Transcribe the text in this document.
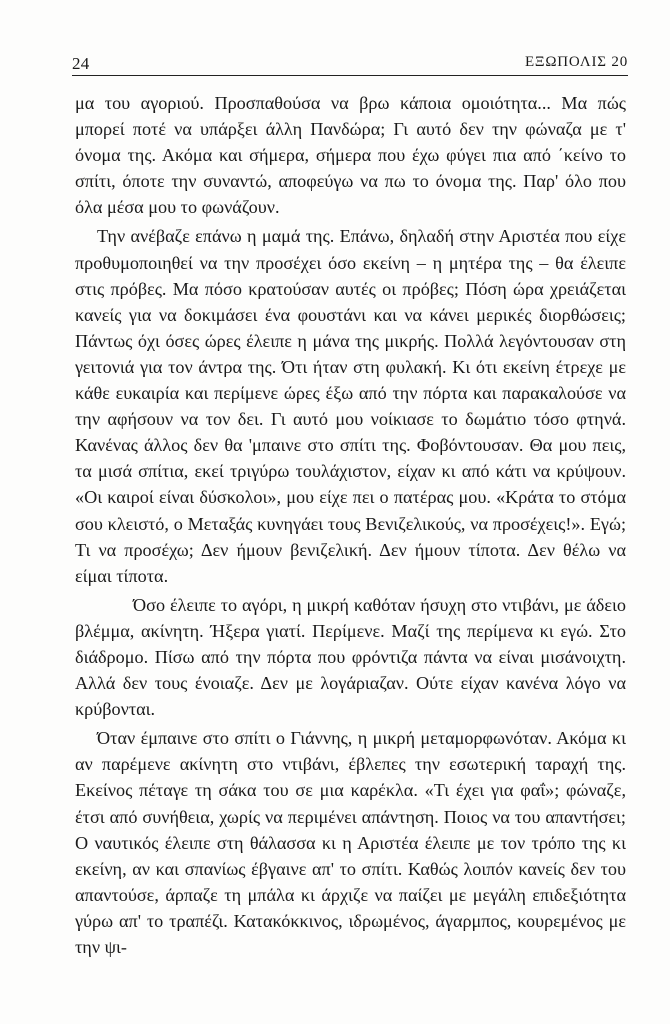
24	ΕΞΩΠΟΛΙΣ 20

μα του αγοριού. Προσπαθούσα να βρω κάποια ομοιότητα... Μα πώς μπορεί ποτέ να υπάρξει άλλη Πανδώρα; Γι αυτό δεν την φώναζα με τ' όνομα της. Ακόμα και σήμερα, σήμερα που έχω φύγει πια από ΄κείνο το σπίτι, όποτε την συναντώ, αποφεύγω να πω το όνομα της. Παρ' όλο που όλα μέσα μου το φωνάζουν.

Την ανέβαζε επάνω η μαμά της. Επάνω, δηλαδή στην Αριστέα που είχε προθυμοποιηθεί να την προσέχει όσο εκείνη – η μητέρα της – θα έλειπε στις πρόβες. Μα πόσο κρατούσαν αυτές οι πρόβες; Πόση ώρα χρειάζεται κανείς για να δοκιμάσει ένα φουστάνι και να κάνει μερικές διορθώσεις; Πάντως όχι όσες ώρες έλειπε η μάνα της μικρής. Πολλά λεγόντουσαν στη γειτονιά για τον άντρα της. Ότι ήταν στη φυλακή. Κι ότι εκείνη έτρεχε με κάθε ευκαιρία και περίμενε ώρες έξω από την πόρτα και παρακαλούσε να την αφήσουν να τον δει. Γι αυτό μου νοίκιασε το δωμάτιο τόσο φτηνά. Κανένας άλλος δεν θα 'μπαινε στο σπίτι της. Φοβόντουσαν. Θα μου πεις, τα μισά σπίτια, εκεί τριγύρω τουλάχιστον, είχαν κι από κάτι να κρύψουν. «Οι καιροί είναι δύσκολοι», μου είχε πει ο πατέρας μου. «Κράτα το στόμα σου κλειστό, ο Μεταξάς κυνηγάει τους Βενιζελικούς, να προσέχεις!». Εγώ; Τι να προσέχω; Δεν ήμουν βενιζελική. Δεν ήμουν τίποτα. Δεν θέλω να είμαι τίποτα.

Όσο έλειπε το αγόρι, η μικρή καθόταν ήσυχη στο ντιβάνι, με άδειο βλέμμα, ακίνητη. Ήξερα γιατί. Περίμενε. Μαζί της περίμενα κι εγώ. Στο διάδρομο. Πίσω από την πόρτα που φρόντιζα πάντα να είναι μισάνοιχτη. Αλλά δεν τους ένοιαζε. Δεν με λογάριαζαν. Ούτε είχαν κανένα λόγο να κρύβονται.

Όταν έμπαινε στο σπίτι ο Γιάννης, η μικρή μεταμορφωνόταν. Ακόμα κι αν παρέμενε ακίνητη στο ντιβάνι, έβλεπες την εσωτερική ταραχή της. Εκείνος πέταγε τη σάκα του σε μια καρέκλα. «Τι έχει για φαΐ»; φώναζε, έτσι από συνήθεια, χωρίς να περιμένει απάντηση. Ποιος να του απαντήσει; Ο ναυτικός έλειπε στη θάλασσα κι η Αριστέα έλειπε με τον τρόπο της κι εκείνη, αν και σπανίως έβγαινε απ' το σπίτι. Καθώς λοιπόν κανείς δεν του απαντούσε, άρπαζε τη μπάλα κι άρχιζε να παίζει με μεγάλη επιδεξιότητα γύρω απ' το τραπέζι. Κατακόκκινος, ιδρωμένος, άγαρμπος, κουρεμένος με την ψι-
